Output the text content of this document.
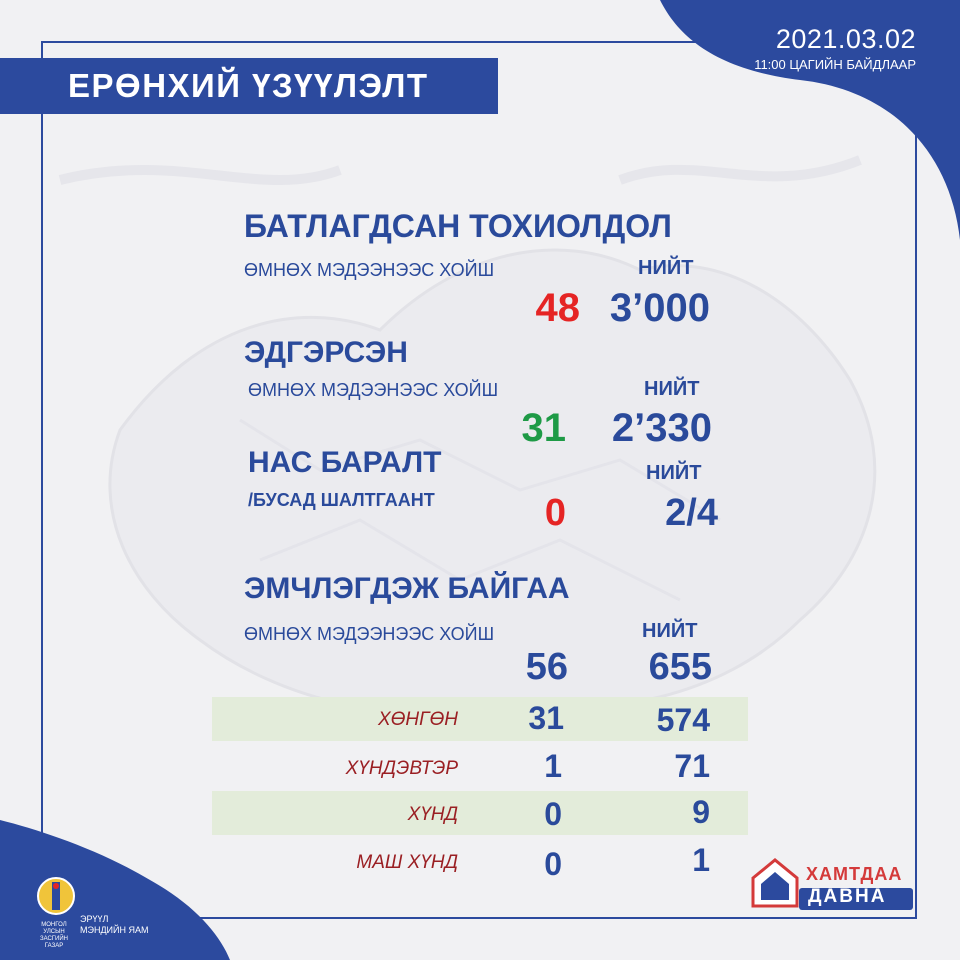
2021.03.02
11:00 ЦАГИЙН БАЙДЛААР
ЕРӨНХИЙ ҮЗҮҮЛЭЛТ
БАТЛАГДСАН ТОХИОЛДОЛ
ӨМНӨХ МЭДЭЭНЭЭС ХОЙШ	НИЙТ
48 3’000
ЭДГЭРСЭН
ӨМНӨХ МЭДЭЭНЭЭС ХОЙШ	НИЙТ
31	2’330
НАС БАРАЛТ	НИЙТ
/БУСАД ШАЛТГААНТ	0	2/4
ЭМЧЛЭГДЭЖ БАЙГАА
ӨМНӨХ МЭДЭЭНЭЭС ХОЙШ	НИЙТ
56	655
ХӨНГӨН	31	574
ХҮНДЭВТЭР	1	71
ХҮНД	0	9
МАШ ХҮНД	0	1	ХАМТДАА
ДАВНА
МОНГОЛ УЛСЫН ЗАСГИЙН ГАЗАР
ЭРҮҮЛ
МЭНДИЙН ЯАМ
